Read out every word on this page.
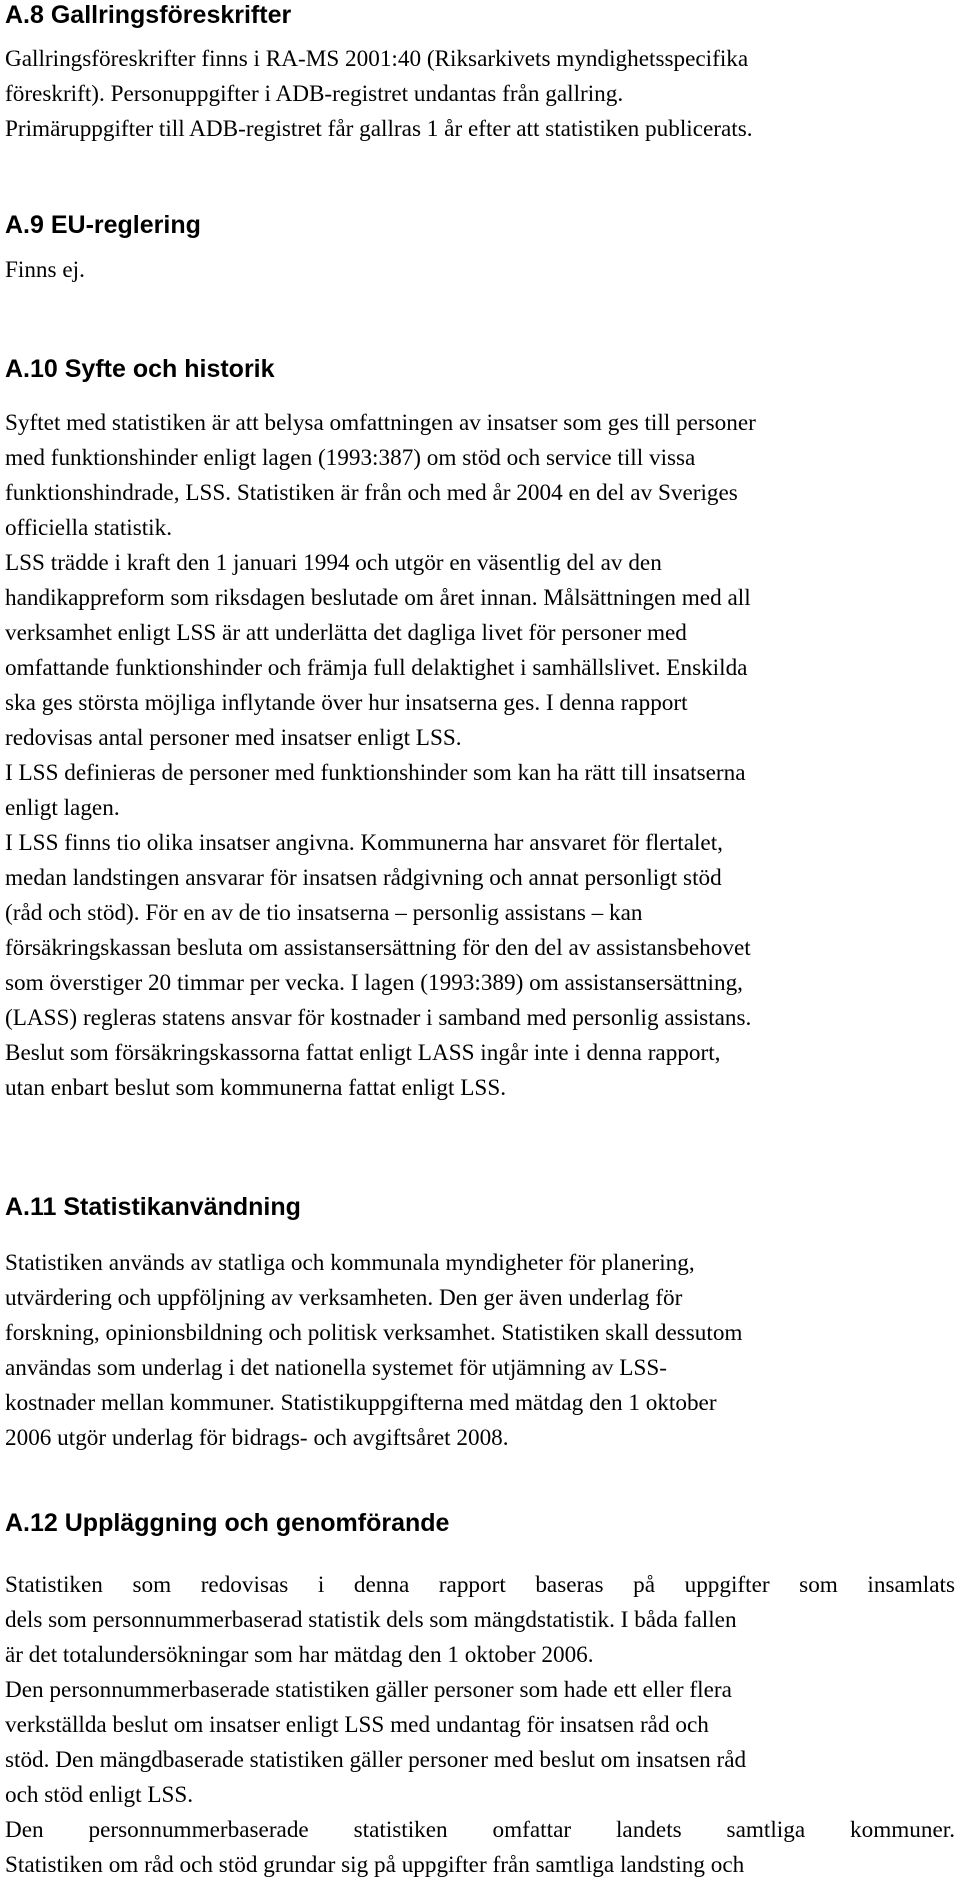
A.8 Gallringsföreskrifter
Gallringsföreskrifter finns i RA-MS 2001:40 (Riksarkivets myndighetsspecifika
föreskrift). Personuppgifter i ADB-registret undantas från gallring.
Primäruppgifter till ADB-registret får gallras 1 år efter att statistiken publicerats.
A.9 EU-reglering
Finns ej.
A.10 Syfte och historik
Syftet med statistiken är att belysa omfattningen av insatser som ges till personer
med funktionshinder enligt lagen (1993:387) om stöd och service till vissa
funktionshindrade, LSS. Statistiken är från och med år 2004 en del av Sveriges
officiella statistik.
LSS trädde i kraft den 1 januari 1994 och utgör en väsentlig del av den
handikappreform som riksdagen beslutade om året innan. Målsättningen med all
verksamhet enligt LSS är att underlätta det dagliga livet för personer med
omfattande funktionshinder och främja full delaktighet i samhällslivet. Enskilda
ska ges största möjliga inflytande över hur insatserna ges. I denna rapport
redovisas antal personer med insatser enligt LSS.
I LSS definieras de personer med funktionshinder som kan ha rätt till insatserna
enligt lagen.
I LSS finns tio olika insatser angivna. Kommunerna har ansvaret för flertalet,
medan landstingen ansvarar för insatsen rådgivning och annat personligt stöd
(råd och stöd). För en av de tio insatserna – personlig assistans – kan
försäkringskassan besluta om assistansersättning för den del av assistansbehovet
som överstiger 20 timmar per vecka. I lagen (1993:389) om assistansersättning,
(LASS) regleras statens ansvar för kostnader i samband med personlig assistans.
Beslut som försäkringskassorna fattat enligt LASS ingår inte i denna rapport,
utan enbart beslut som kommunerna fattat enligt LSS.
A.11 Statistikanvändning
Statistiken används av statliga och kommunala myndigheter för planering,
utvärdering och uppföljning av verksamheten. Den ger även underlag för
forskning, opinionsbildning och politisk verksamhet. Statistiken skall dessutom
användas som underlag i det nationella systemet för utjämning av LSS-
kostnader mellan kommuner. Statistikuppgifterna med mätdag den 1 oktober
2006 utgör underlag för bidrags- och avgiftsåret 2008.
A.12 Uppläggning och genomförande
Statistiken som redovisas i denna rapport baseras på uppgifter som insamlats
dels som personnummerbaserad statistik dels som mängdstatistik. I båda fallen
är det totalundersökningar som har mätdag den 1 oktober 2006.
Den personnummerbaserade statistiken gäller personer som hade ett eller flera
verkställda beslut om insatser enligt LSS med undantag för insatsen råd och
stöd. Den mängdbaserade statistiken gäller personer med beslut om insatsen råd
och stöd enligt LSS.
Den personnummerbaserade statistiken omfattar landets samtliga kommuner.
Statistiken om råd och stöd grundar sig på uppgifter från samtliga landsting och
